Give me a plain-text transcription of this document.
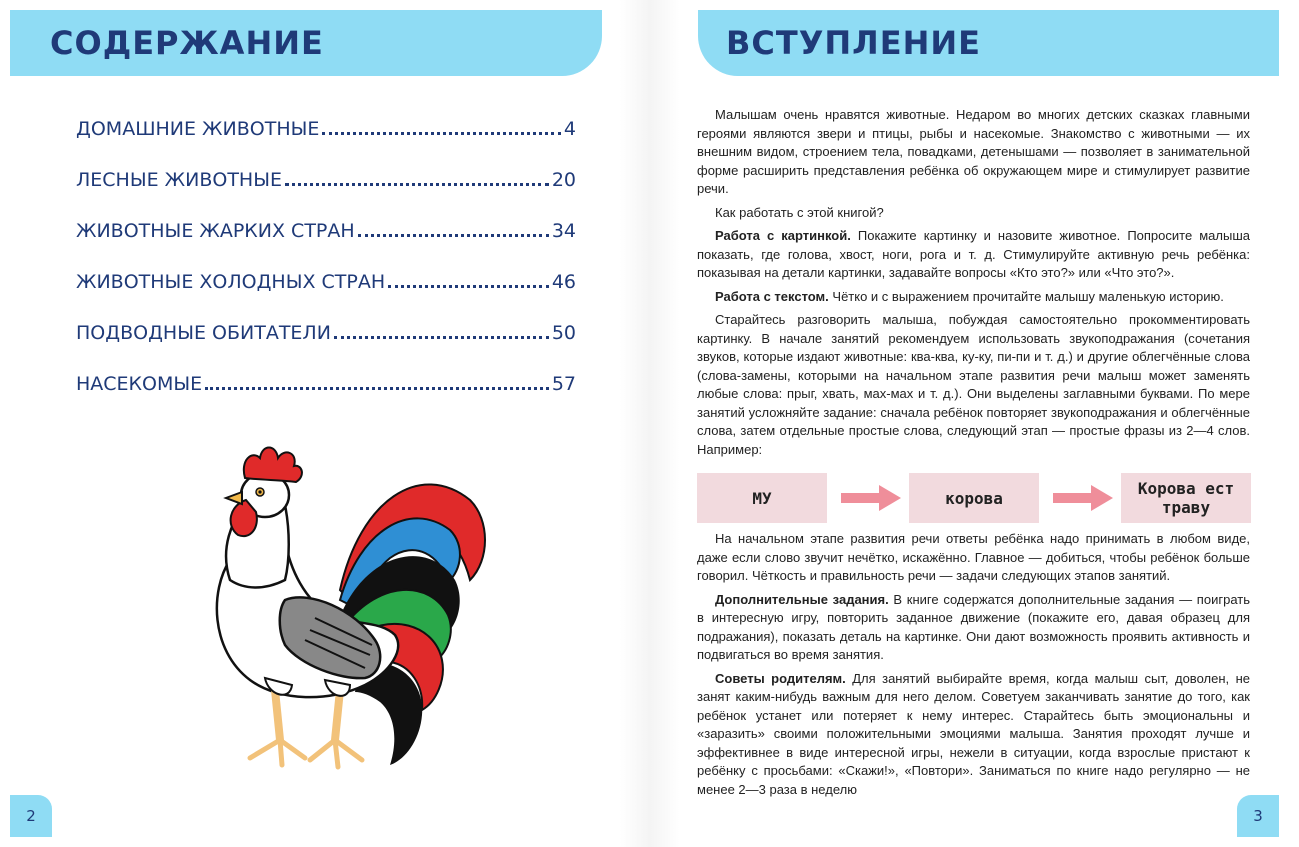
СОДЕРЖАНИЕ
ДОМАШНИЕ ЖИВОТНЫЕ	4
ЛЕСНЫЕ ЖИВОТНЫЕ	20
ЖИВОТНЫЕ ЖАРКИХ СТРАН	34
ЖИВОТНЫЕ ХОЛОДНЫХ СТРАН	46
ПОДВОДНЫЕ ОБИТАТЕЛИ	50
НАСЕКОМЫЕ	57
2
ВСТУПЛЕНИЕ

Малышам очень нравятся животные. Недаром во многих детских сказках главными героями являются звери и птицы, рыбы и насекомые. Знакомство с животными — их внешним видом, строением тела, повадками, детенышами — позволяет в занимательной форме расширить представления ребёнка об окружающем мире и стимулирует развитие речи.

Как работать с этой книгой?

Работа с картинкой. Покажите картинку и назовите животное. Попросите малыша показать, где голова, хвост, ноги, рога и т. д. Стимулируйте активную речь ребёнка: показывая на детали картинки, задавайте вопросы «Кто это?» или «Что это?».

Работа с текстом. Чётко и с выражением прочитайте малышу маленькую историю.

Старайтесь разговорить малыша, побуждая самостоятельно прокомментировать картинку. В начале занятий рекомендуем использовать звукоподражания (сочетания звуков, которые издают животные: ква-ква, ку-ку, пи-пи и т. д.) и другие облегчённые слова (слова-замены, которыми на начальном этапе развития речи малыш может заменять любые слова: прыг, хвать, мах-мах и т. д.). Они выделены заглавными буквами. По мере занятий усложняйте задание: сначала ребёнок повторяет звукоподражания и облегчённые слова, затем отдельные простые слова, следующий этап — простые фразы из 2—4 слов. Например:

МУ	корова	Корова ест траву

На начальном этапе развития речи ответы ребёнка надо принимать в любом виде, даже если слово звучит нечётко, искажённо. Главное — добиться, чтобы ребёнок больше говорил. Чёткость и правильность речи — задачи следующих этапов занятий.

Дополнительные задания. В книге содержатся дополнительные задания — поиграть в интересную игру, повторить заданное движение (покажите его, давая образец для подражания), показать деталь на картинке. Они дают возможность проявить активность и подвигаться во время занятия.

Советы родителям. Для занятий выбирайте время, когда малыш сыт, доволен, не занят каким-нибудь важным для него делом. Советуем заканчивать занятие до того, как ребёнок устанет или потеряет к нему интерес. Старайтесь быть эмоциональны и «заразить» своими положительными эмоциями малыша. Занятия проходят лучше и эффективнее в виде интересной игры, нежели в ситуации, когда взрослые пристают к ребёнку с просьбами: «Скажи!», «Повтори». Заниматься по книге надо регулярно — не менее 2—3 раза в неделю

3
